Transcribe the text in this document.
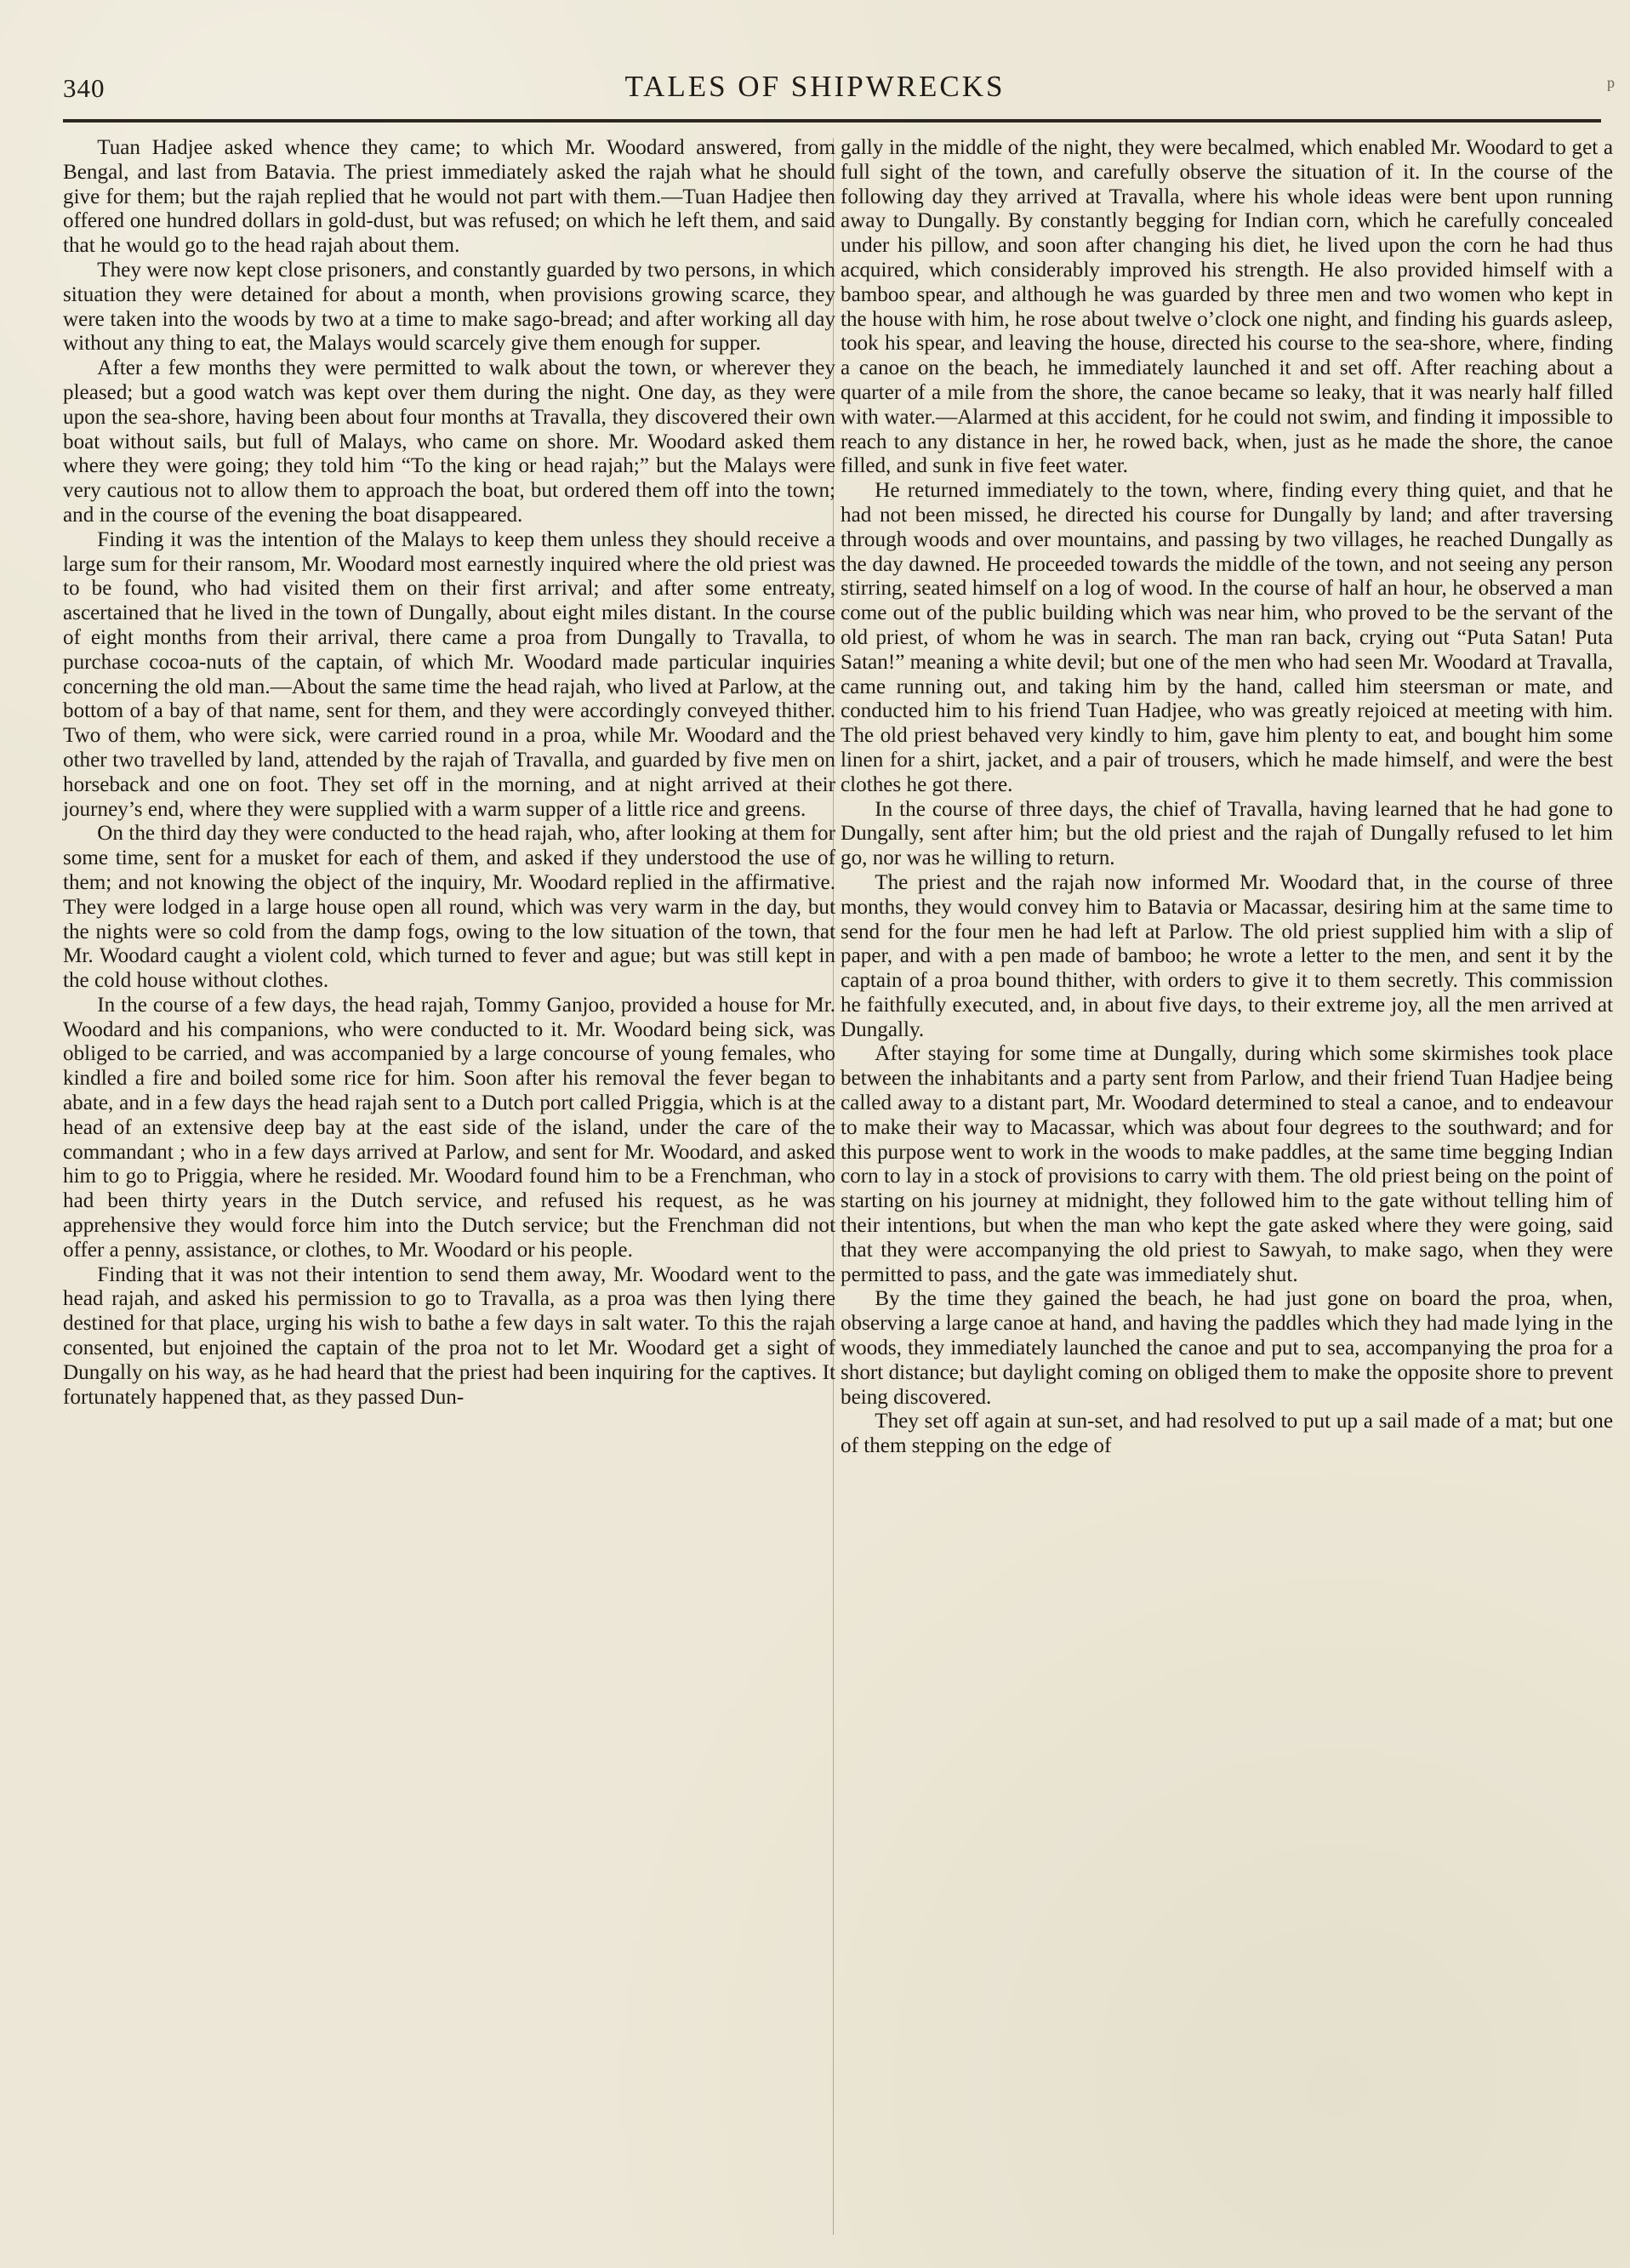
340	TALES OF SHIPWRECKS	p

Tuan Hadjee asked whence they came; to which Mr. Woodard answered, from Bengal, and last from Batavia. The priest immediately asked the rajah what he should give for them; but the rajah replied that he would not part with them.—Tuan Hadjee then offered one hundred dollars in gold-dust, but was refused; on which he left them, and said that he would go to the head rajah about them.

They were now kept close prisoners, and constantly guarded by two persons, in which situation they were detained for about a month, when provisions growing scarce, they were taken into the woods by two at a time to make sago-bread; and after working all day without any thing to eat, the Malays would scarcely give them enough for supper.

After a few months they were permitted to walk about the town, or wherever they pleased; but a good watch was kept over them during the night. One day, as they were upon the sea-shore, having been about four months at Travalla, they discovered their own boat without sails, but full of Malays, who came on shore. Mr. Woodard asked them where they were going; they told him “To the king or head rajah;” but the Malays were very cautious not to allow them to approach the boat, but ordered them off into the town; and in the course of the evening the boat disappeared.

Finding it was the intention of the Malays to keep them unless they should receive a large sum for their ransom, Mr. Woodard most earnestly inquired where the old priest was to be found, who had visited them on their first arrival; and after some entreaty, ascertained that he lived in the town of Dungally, about eight miles distant. In the course of eight months from their arrival, there came a proa from Dungally to Travalla, to purchase cocoa-nuts of the captain, of which Mr. Woodard made particular inquiries concerning the old man.—About the same time the head rajah, who lived at Parlow, at the bottom of a bay of that name, sent for them, and they were accordingly conveyed thither. Two of them, who were sick, were carried round in a proa, while Mr. Woodard and the other two travelled by land, attended by the rajah of Travalla, and guarded by five men on horseback and one on foot. They set off in the morning, and at night arrived at their journey’s end, where they were supplied with a warm supper of a little rice and greens.

On the third day they were conducted to the head rajah, who, after looking at them for some time, sent for a musket for each of them, and asked if they understood the use of them; and not knowing the object of the inquiry, Mr. Woodard replied in the affirmative. They were lodged in a large house open all round, which was very warm in the day, but the nights were so cold from the damp fogs, owing to the low situation of the town, that Mr. Woodard caught a violent cold, which turned to fever and ague; but was still kept in the cold house without clothes.

In the course of a few days, the head rajah, Tommy Ganjoo, provided a house for Mr. Woodard and his companions, who were conducted to it. Mr. Woodard being sick, was obliged to be carried, and was accompanied by a large concourse of young females, who kindled a fire and boiled some rice for him. Soon after his removal the fever began to abate, and in a few days the head rajah sent to a Dutch port called Priggia, which is at the head of an extensive deep bay at the east side of the island, under the care of the commandant ; who in a few days arrived at Parlow, and sent for Mr. Woodard, and asked him to go to Priggia, where he resided. Mr. Woodard found him to be a Frenchman, who had been thirty years in the Dutch service, and refused his request, as he was apprehensive they would force him into the Dutch service; but the Frenchman did not offer a penny, assistance, or clothes, to Mr. Woodard or his people.

Finding that it was not their intention to send them away, Mr. Woodard went to the head rajah, and asked his permission to go to Travalla, as a proa was then lying there destined for that place, urging his wish to bathe a few days in salt water. To this the rajah consented, but enjoined the captain of the proa not to let Mr. Woodard get a sight of Dungally on his way, as he had heard that the priest had been inquiring for the captives. It fortunately happened that, as they passed Dun-

gally in the middle of the night, they were becalmed, which enabled Mr. Woodard to get a full sight of the town, and carefully observe the situation of it. In the course of the following day they arrived at Travalla, where his whole ideas were bent upon running away to Dungally. By constantly begging for Indian corn, which he carefully concealed under his pillow, and soon after changing his diet, he lived upon the corn he had thus acquired, which considerably improved his strength. He also provided himself with a bamboo spear, and although he was guarded by three men and two women who kept in the house with him, he rose about twelve o’clock one night, and finding his guards asleep, took his spear, and leaving the house, directed his course to the sea-shore, where, finding a canoe on the beach, he immediately launched it and set off. After reaching about a quarter of a mile from the shore, the canoe became so leaky, that it was nearly half filled with water.—Alarmed at this accident, for he could not swim, and finding it impossible to reach to any distance in her, he rowed back, when, just as he made the shore, the canoe filled, and sunk in five feet water.

He returned immediately to the town, where, finding every thing quiet, and that he had not been missed, he directed his course for Dungally by land; and after traversing through woods and over mountains, and passing by two villages, he reached Dungally as the day dawned. He proceeded towards the middle of the town, and not seeing any person stirring, seated himself on a log of wood. In the course of half an hour, he observed a man come out of the public building which was near him, who proved to be the servant of the old priest, of whom he was in search. The man ran back, crying out “Puta Satan! Puta Satan!” meaning a white devil; but one of the men who had seen Mr. Woodard at Travalla, came running out, and taking him by the hand, called him steersman or mate, and conducted him to his friend Tuan Hadjee, who was greatly rejoiced at meeting with him. The old priest behaved very kindly to him, gave him plenty to eat, and bought him some linen for a shirt, jacket, and a pair of trousers, which he made himself, and were the best clothes he got there.

In the course of three days, the chief of Travalla, having learned that he had gone to Dungally, sent after him; but the old priest and the rajah of Dungally refused to let him go, nor was he willing to return.

The priest and the rajah now informed Mr. Woodard that, in the course of three months, they would convey him to Batavia or Macassar, desiring him at the same time to send for the four men he had left at Parlow. The old priest supplied him with a slip of paper, and with a pen made of bamboo; he wrote a letter to the men, and sent it by the captain of a proa bound thither, with orders to give it to them secretly. This commission he faithfully executed, and, in about five days, to their extreme joy, all the men arrived at Dungally.

After staying for some time at Dungally, during which some skirmishes took place between the inhabitants and a party sent from Parlow, and their friend Tuan Hadjee being called away to a distant part, Mr. Woodard determined to steal a canoe, and to endeavour to make their way to Macassar, which was about four degrees to the southward; and for this purpose went to work in the woods to make paddles, at the same time begging Indian corn to lay in a stock of provisions to carry with them. The old priest being on the point of starting on his journey at midnight, they followed him to the gate without telling him of their intentions, but when the man who kept the gate asked where they were going, said that they were accompanying the old priest to Sawyah, to make sago, when they were permitted to pass, and the gate was immediately shut.

By the time they gained the beach, he had just gone on board the proa, when, observing a large canoe at hand, and having the paddles which they had made lying in the woods, they immediately launched the canoe and put to sea, accompanying the proa for a short distance; but daylight coming on obliged them to make the opposite shore to prevent being discovered.

They set off again at sun-set, and had resolved to put up a sail made of a mat; but one of them stepping on the edge of
